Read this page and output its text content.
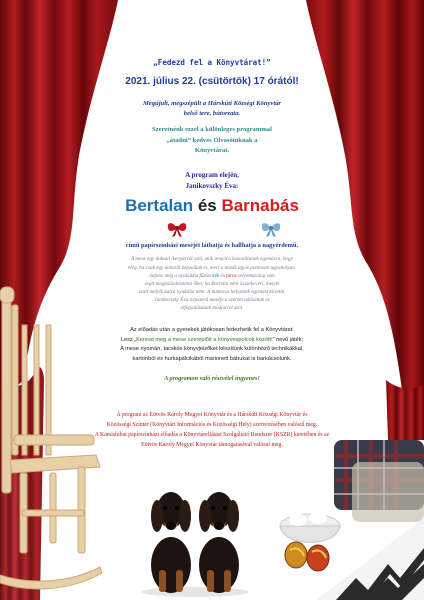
„Fedezd fel a Könyvtárat!”
2021. július 22. (csütörtök) 17 órától!
Megújult, megszépült a Hárskúti Községi Könyvtár
belső tere, bútorzata.
Szeretnénk ezzel a különleges programmal
„átadni” kedves Olvasóinknak a
Könyvtárat.
A program elején,
Janikovszky Éva:
Bertalan és Barnabás
című papírszínházi meséjét láthatja és hallhatja a nagyérdemű.
A mese egy dakszli ikerpárról szól, akik annyira hasonlítanak egymásra, hogy
elég, ha csak egy dakszlit képzelünk el, mert a másik ugyis pontosan ugyanolyan.
Sajnos még a nyakukba fűzött kék és piros selyemszalag sem
segít megkülönböztetni őket, ha Borbála néni összekeveri, melyik
szalt melyik kutya nyakába tette. A humoros helyzetek egymást követik.
Janikovszky Éva népszerű meséje a szerzet adásának és
elfogadásának módjairól szól.
Az előadás után a gyerekek játékosan fedezhetik fel a Könyvtárat:
Lesz „Keresd meg a mese szereplőit a könyvespolcok között!” nevű játék;
A mese nyomán, tacskós könyvjelzőket készítünk különböző technikákkal,
kartonból és hurkapálcikából marionett bábukat is barkácsolunk.
A programon való részvétel ingyenes!
A program az Eötvös Károly Megyei Könyvtár és a Hárskúti Községi Könyvtár és
Közösségi Színtér (Könyvtári Információs és Közösségi Hely) szervezésében valósul meg.
A Kamishibai papírszínházi előadás a Könyvtárellátási Szolgáltató Rendszer (KSZR) keretében és az
Eötvös Károly Megyei Könyvtár támogatásával valósul meg.
